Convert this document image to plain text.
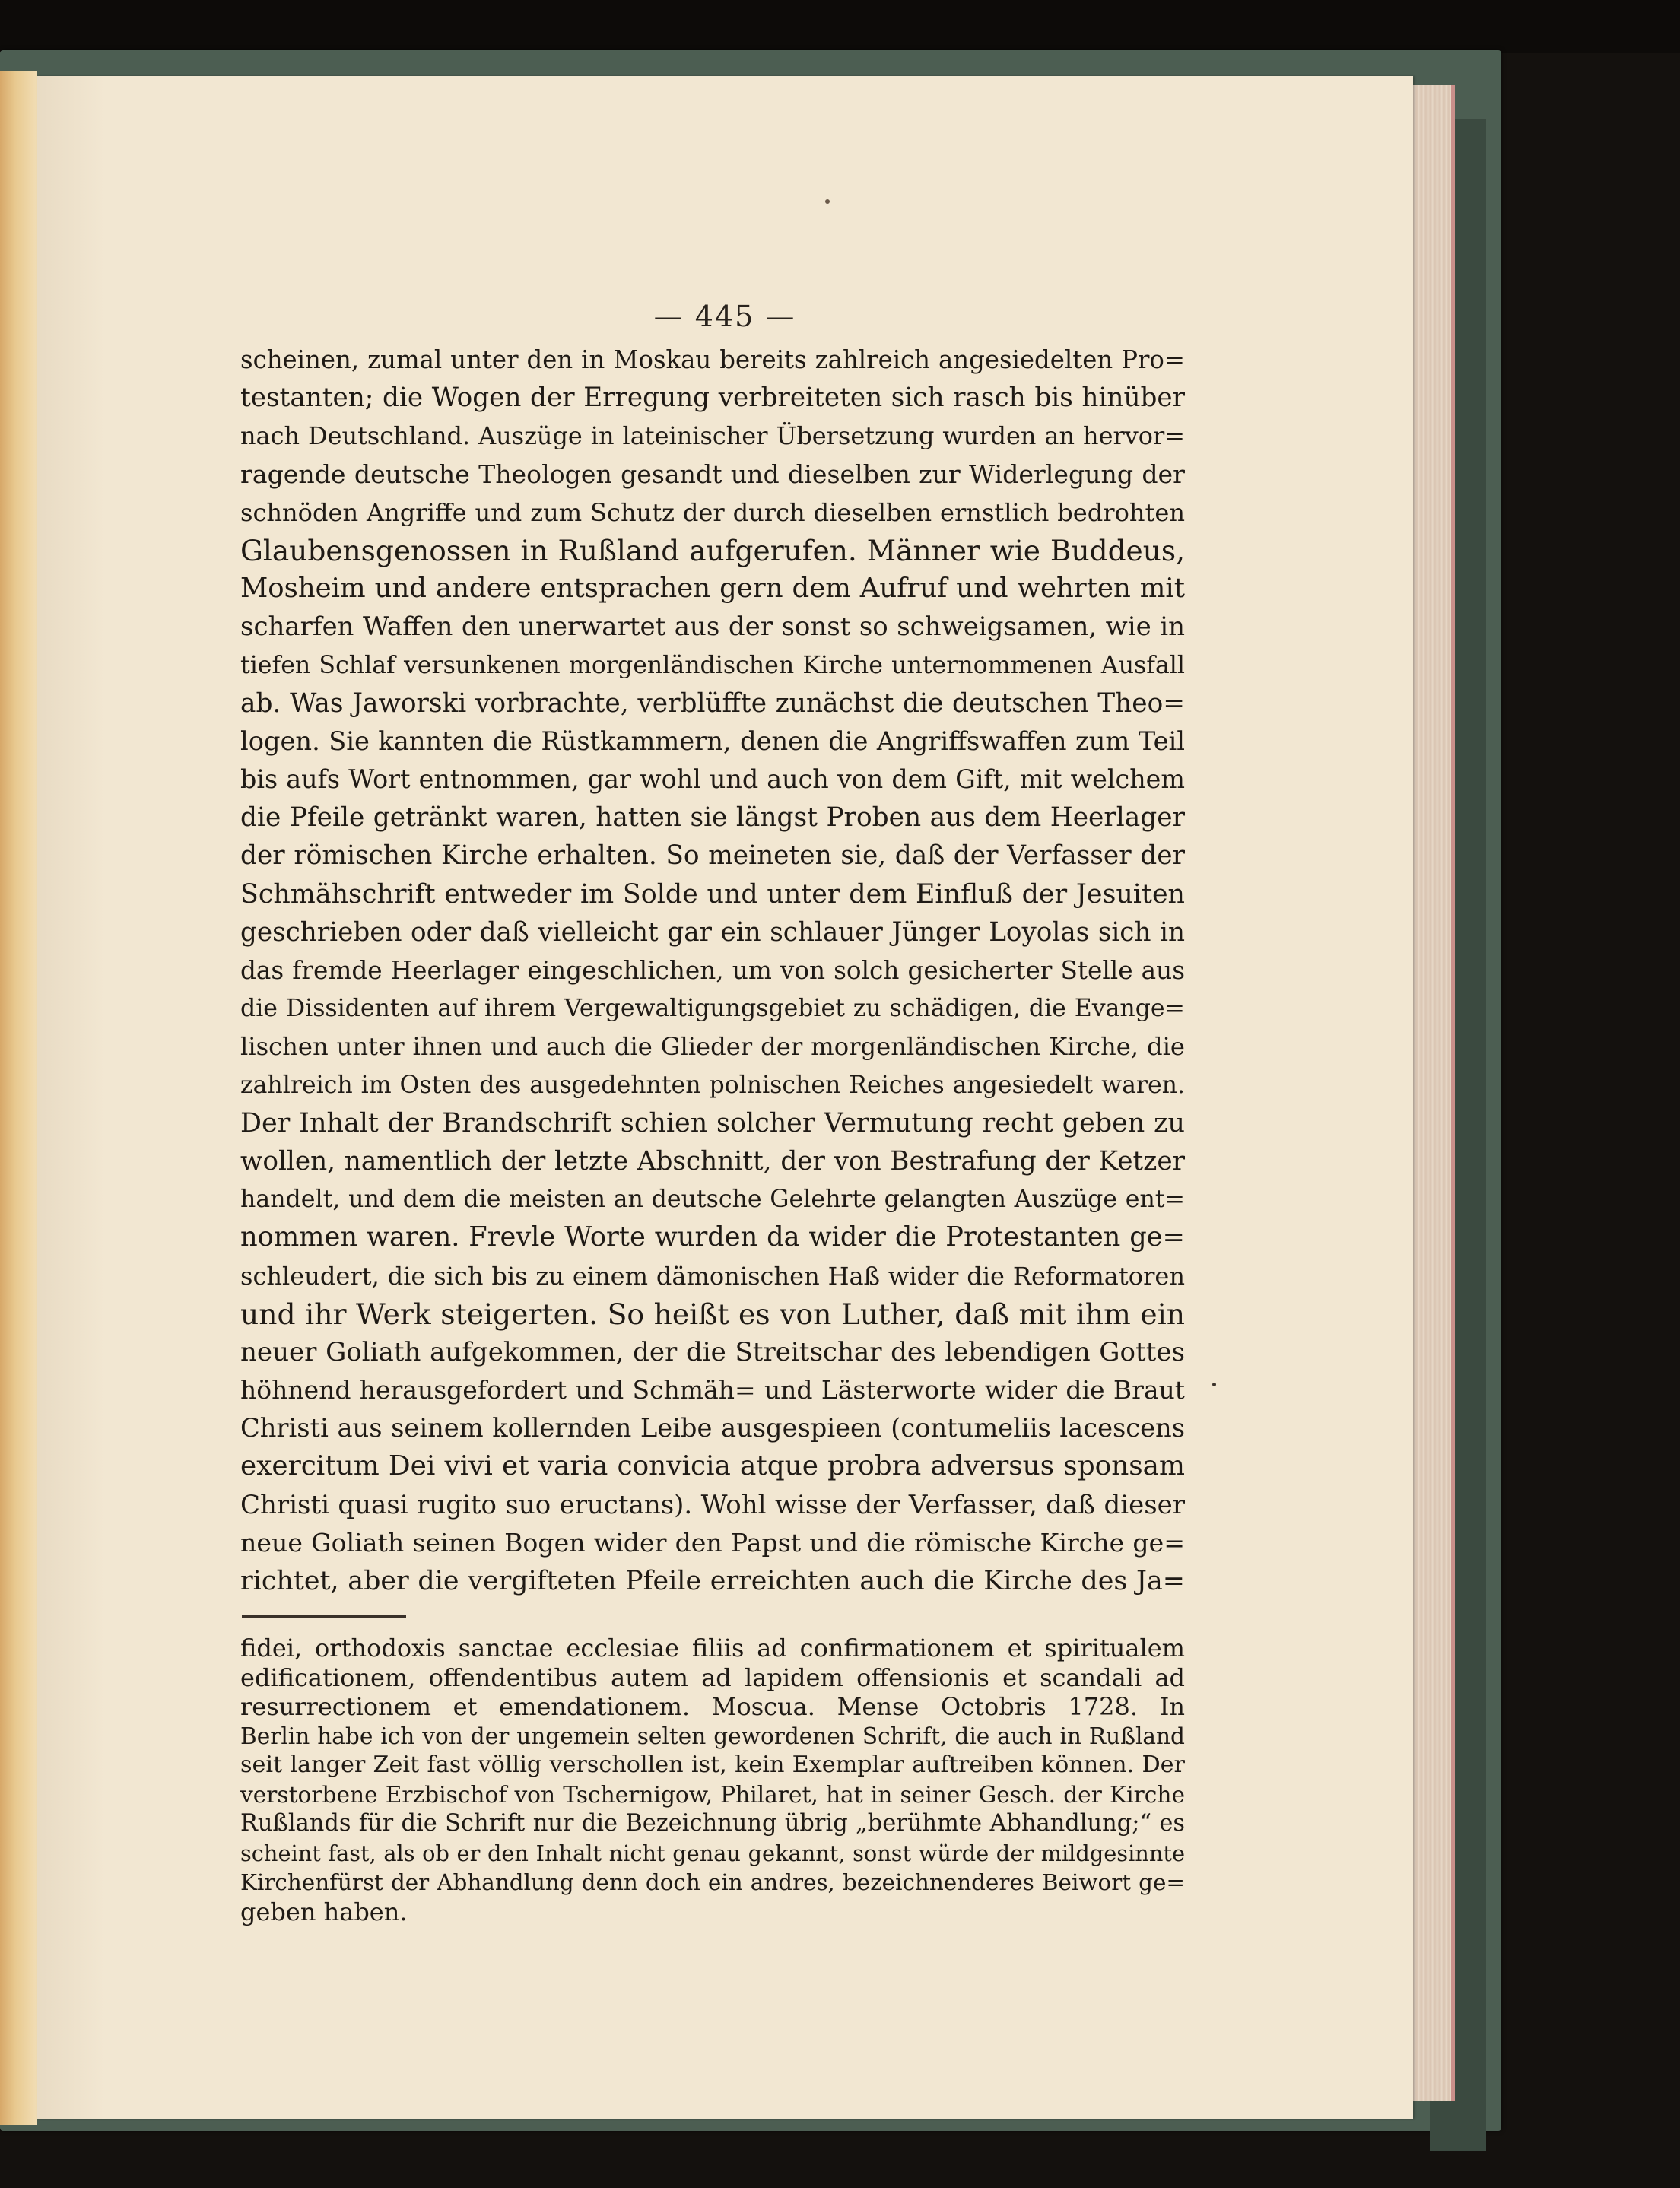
— 445 —
scheinen, zumal unter den in Moskau bereits zahlreich angesiedelten Pro=
testanten; die Wogen der Erregung verbreiteten sich rasch bis hinüber
nach Deutschland. Auszüge in lateinischer Übersetzung wurden an hervor=
ragende deutsche Theologen gesandt und dieselben zur Widerlegung der
schnöden Angriffe und zum Schutz der durch dieselben ernstlich bedrohten
Glaubensgenossen in Rußland aufgerufen. Männer wie Buddeus,
Mosheim und andere entsprachen gern dem Aufruf und wehrten mit
scharfen Waffen den unerwartet aus der sonst so schweigsamen, wie in
tiefen Schlaf versunkenen morgenländischen Kirche unternommenen Ausfall
ab. Was Jaworski vorbrachte, verblüffte zunächst die deutschen Theo=
logen. Sie kannten die Rüstkammern, denen die Angriffswaffen zum Teil
bis aufs Wort entnommen, gar wohl und auch von dem Gift, mit welchem
die Pfeile getränkt waren, hatten sie längst Proben aus dem Heerlager
der römischen Kirche erhalten. So meineten sie, daß der Verfasser der
Schmähschrift entweder im Solde und unter dem Einfluß der Jesuiten
geschrieben oder daß vielleicht gar ein schlauer Jünger Loyolas sich in
das fremde Heerlager eingeschlichen, um von solch gesicherter Stelle aus
die Dissidenten auf ihrem Vergewaltigungsgebiet zu schädigen, die Evange=
lischen unter ihnen und auch die Glieder der morgenländischen Kirche, die
zahlreich im Osten des ausgedehnten polnischen Reiches angesiedelt waren.
Der Inhalt der Brandschrift schien solcher Vermutung recht geben zu
wollen, namentlich der letzte Abschnitt, der von Bestrafung der Ketzer
handelt, und dem die meisten an deutsche Gelehrte gelangten Auszüge ent=
nommen waren. Frevle Worte wurden da wider die Protestanten ge=
schleudert, die sich bis zu einem dämonischen Haß wider die Reformatoren
und ihr Werk steigerten. So heißt es von Luther, daß mit ihm ein
neuer Goliath aufgekommen, der die Streitschar des lebendigen Gottes
höhnend herausgefordert und Schmäh= und Lästerworte wider die Braut
Christi aus seinem kollernden Leibe ausgespieen (contumeliis lacescens
exercitum Dei vivi et varia convicia atque probra adversus sponsam
Christi quasi rugito suo eructans). Wohl wisse der Verfasser, daß dieser
neue Goliath seinen Bogen wider den Papst und die römische Kirche ge=
richtet, aber die vergifteten Pfeile erreichten auch die Kirche des Ja=
fidei, orthodoxis sanctae ecclesiae filiis ad confirmationem et spiritualem
edificationem, offendentibus autem ad lapidem offensionis et scandali ad
resurrectionem et emendationem. Moscua. Mense Octobris 1728. In
Berlin habe ich von der ungemein selten gewordenen Schrift, die auch in Rußland
seit langer Zeit fast völlig verschollen ist, kein Exemplar auftreiben können. Der
verstorbene Erzbischof von Tschernigow, Philaret, hat in seiner Gesch. der Kirche
Rußlands für die Schrift nur die Bezeichnung übrig „berühmte Abhandlung;“ es
scheint fast, als ob er den Inhalt nicht genau gekannt, sonst würde der mildgesinnte
Kirchenfürst der Abhandlung denn doch ein andres, bezeichnenderes Beiwort ge=
geben haben.
